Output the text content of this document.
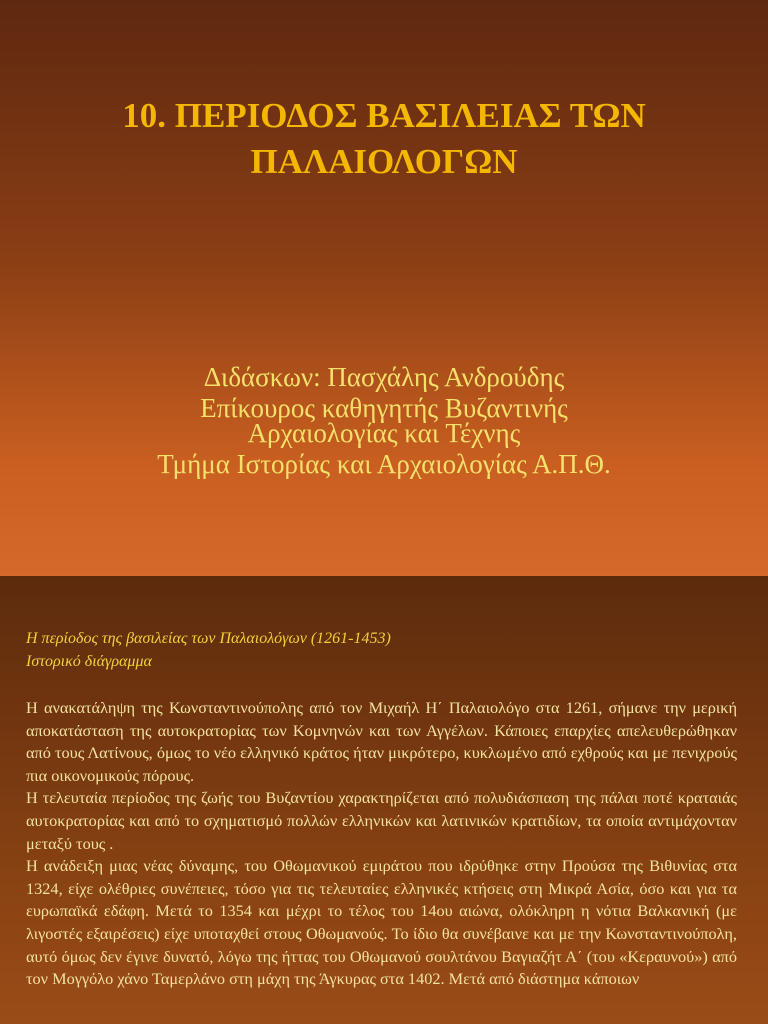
10. ΠΕΡΙΟΔΟΣ ΒΑΣΙΛΕΙΑΣ ΤΩΝ
ΠΑΛΑΙΟΛΟΓΩΝ
Διδάσκων: Πασχάλης Ανδρούδης
Επίκουρος καθηγητής Βυζαντινής
Αρχαιολογίας και Τέχνης
Τμήμα Ιστορίας και Αρχαιολογίας Α.Π.Θ.
Η περίοδος της βασιλείας των Παλαιολόγων (1261-1453)
Ιστορικό διάγραμμα

Η ανακατάληψη της Κωνσταντινούπολης από τον Μιχαήλ Η΄ Παλαιολόγο στα 1261, σήμανε την μερική αποκατάσταση της αυτοκρατορίας των Κομνηνών και των Αγγέλων. Κάποιες επαρχίες απελευθερώθηκαν από τους Λατίνους, όμως το νέο ελληνικό κράτος ήταν μικρότερο, κυκλωμένο από εχθρούς και με πενιχρούς πια οικονομικούς πόρους.

Η τελευταία περίοδος της ζωής του Βυζαντίου χαρακτηρίζεται από πολυδιάσπαση της πάλαι ποτέ κραταιάς αυτοκρατορίας και από το σχηματισμό πολλών ελληνικών και λατινικών κρατιδίων, τα οποία αντιμάχονταν μεταξύ τους .

Η ανάδειξη μιας νέας δύναμης, του Οθωμανικού εμιράτου που ιδρύθηκε στην Προύσα της Βιθυνίας στα 1324, είχε ολέθριες συνέπειες, τόσο για τις τελευταίες ελληνικές κτήσεις στη Μικρά Ασία, όσο και για τα ευρωπαϊκά εδάφη. Μετά το 1354 και μέχρι το τέλος του 14ου αιώνα, ολόκληρη η νότια Βαλκανική (με λιγοστές εξαιρέσεις) είχε υποταχθεί στους Οθωμανούς. Το ίδιο θα συνέβαινε και με την Κωνσταντινούπολη, αυτό όμως δεν έγινε δυνατό, λόγω της ήττας του Οθωμανού σουλτάνου Βαγιαζήτ Α΄ (του «Κεραυνού») από τον Μογγόλο χάνο Ταμερλάνο στη μάχη της Άγκυρας στα 1402. Μετά από διάστημα κάποιων
